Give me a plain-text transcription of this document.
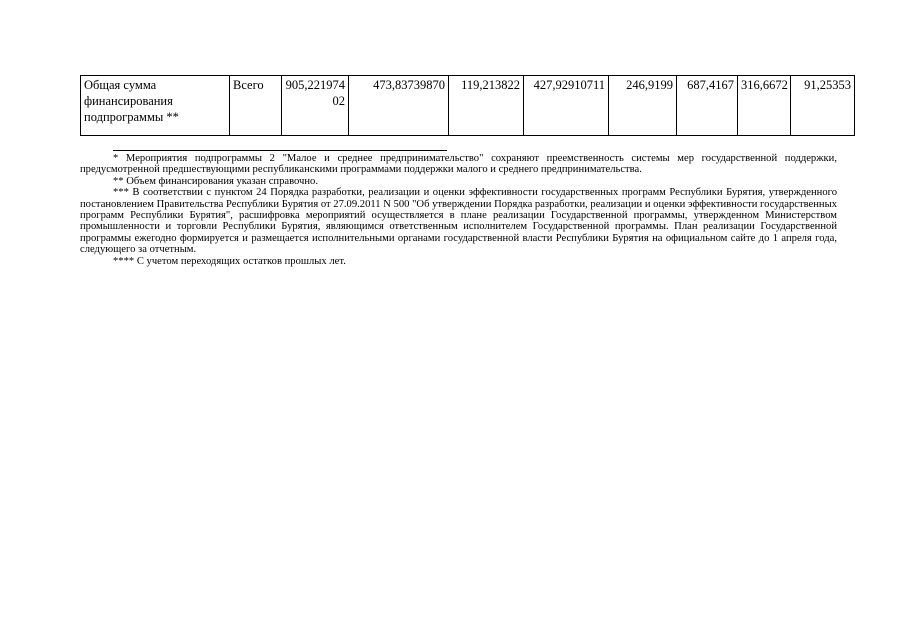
Общая сумма финансирования подпрограммы **	Всего	905,22197402	473,83739870	119,213822	427,92910711	246,9199	687,4167	316,6672	91,25353

* Мероприятия подпрограммы 2 "Малое и среднее предпринимательство" сохраняют преемственность системы мер государственной поддержки, предусмотренной предшествующими республиканскими программами поддержки малого и среднего предпринимательства.

** Объем финансирования указан справочно.

*** В соответствии с пунктом 24 Порядка разработки, реализации и оценки эффективности государственных программ Республики Бурятия, утвержденного постановлением Правительства Республики Бурятия от 27.09.2011 N 500 "Об утверждении Порядка разработки, реализации и оценки эффективности государственных программ Республики Бурятия", расшифровка мероприятий осуществляется в плане реализации Государственной программы, утвержденном Министерством промышленности и торговли Республики Бурятия, являющимся ответственным исполнителем Государственной программы. План реализации Государственной программы ежегодно формируется и размещается исполнительными органами государственной власти Республики Бурятия на официальном сайте до 1 апреля года, следующего за отчетным.

**** С учетом переходящих остатков прошлых лет.
